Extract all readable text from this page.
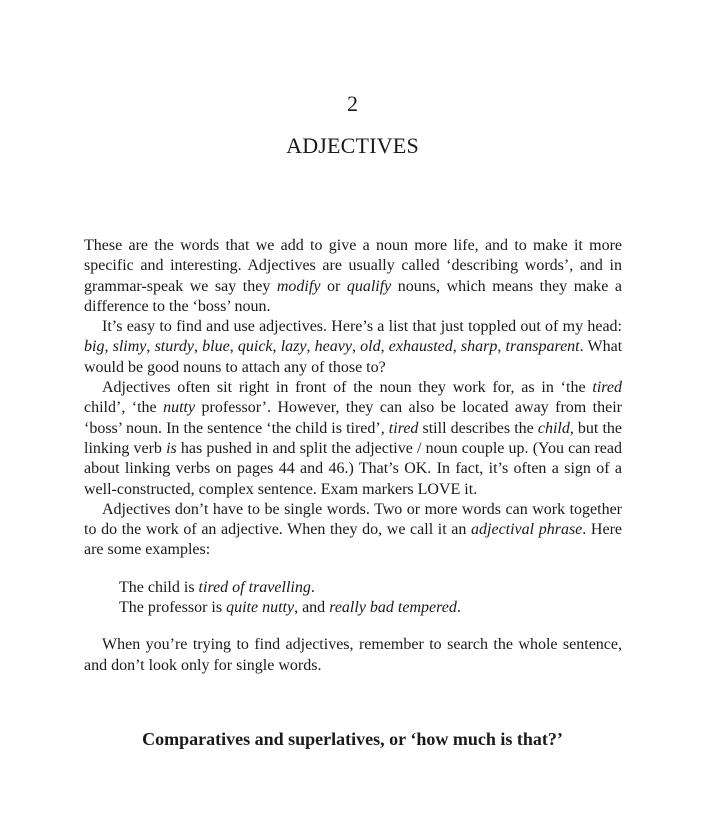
2
ADJECTIVES

These are the words that we add to give a noun more life, and to make it more specific and interesting. Adjectives are usually called ‘describing words’, and in grammar-speak we say they modify or qualify nouns, which means they make a difference to the ‘boss’ noun.

It’s easy to find and use adjectives. Here’s a list that just toppled out of my head: big, slimy, sturdy, blue, quick, lazy, heavy, old, exhausted, sharp, transparent. What would be good nouns to attach any of those to?

Adjectives often sit right in front of the noun they work for, as in ‘the tired child’, ‘the nutty professor’. However, they can also be located away from their ‘boss’ noun. In the sentence ‘the child is tired’, tired still describes the child, but the linking verb is has pushed in and split the adjective / noun couple up. (You can read about linking verbs on pages 44 and 46.) That’s OK. In fact, it’s often a sign of a well-constructed, complex sentence. Exam markers LOVE it.

Adjectives don’t have to be single words. Two or more words can work together to do the work of an adjective. When they do, we call it an adjectival phrase. Here are some examples:

The child is tired of travelling.

The professor is quite nutty, and really bad tempered.

When you’re trying to find adjectives, remember to search the whole sentence, and don’t look only for single words.

Comparatives and superlatives, or ‘how much is that?’
